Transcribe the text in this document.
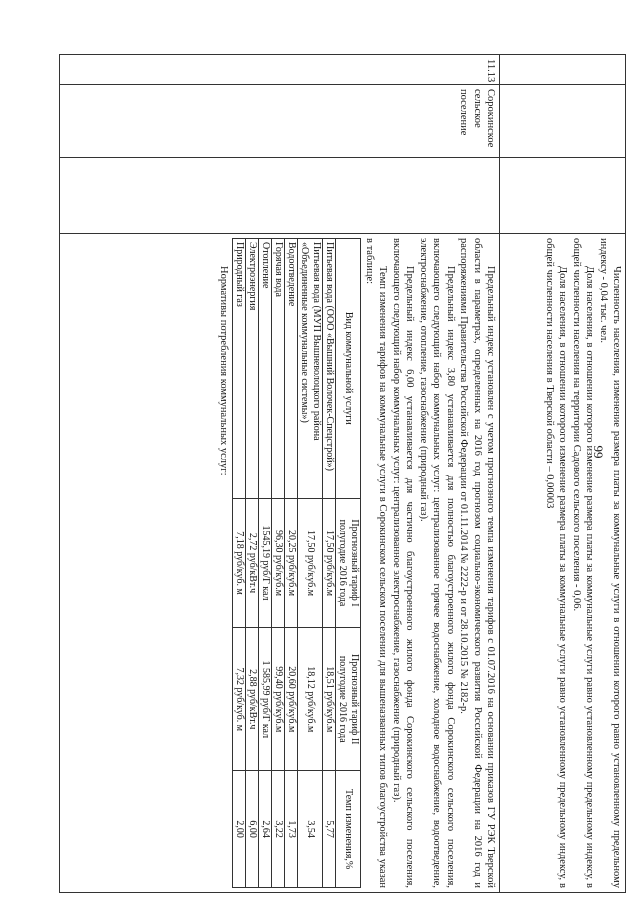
99
			Численность населения, изменение размера платы за коммунальные услуги в отношении которого равно установленному предельному индексу - 0,04 тыс. чел.

Доля населения, в отношении которого изменение размера платы за коммунальные услуги равно установленному предельному индексу, в общей численности населения на территории Садового сельского поселения - 0,06.

Доля населения, в отношении которого изменение размера платы за коммунальные услуги равно установленному предельному индексу, в общей численности населения в Тверской области – 0,00003

11.13	Сорокинское сельское поселение		

Предельный индекс установлен с учетом прогнозного темпа изменения тарифов с 01.07.2016 на основании приказов ГУ РЭК Тверской области в параметрах, определенных на 2016 год прогнозом социально-экономического развития Российской Федерации на 2016 год и распоряжениями Правительства Российской Федерации от 01.11.2014 № 2222-р и от 28.10.2015 № 2182-р.

Предельный индекс 3,80 устанавливается для полностью благоустроенного жилого фонда Сорокинского сельского поселения, включающего следующий набор коммунальных услуг: централизованное горячее водоснабжение, холодное водоснабжение, водоотведение, электроснабжение, отопление, газоснабжение (природный газ).

Предельный индекс 6,00 устанавливается для частично благоустроенного жилого фонда Сорокинского сельского поселения, включающего следующий набор коммунальных услуг: централизованное электроснабжение, газоснабжение (природный газ).

Темп изменения тарифов на коммунальные услуги в Сорокинском сельском поселении для вышеназванных типов благоустройства указан в таблице:

Вид коммунальной услуги	Прогнозный тариф I полугодие 2016 года	Прогнозный тариф II полугодие 2016 года	Темп изменения,%
Питьевая вода (ООО «Вышний Волочек-Спецстрой»)	17,50 руб/куб.м	18,51 руб/куб.м	5,77
Питьевая вода (МУП Вышневолоцкого района «Объединенные коммунальные системы»)	17,50 руб/куб.м	18,12 руб/куб.м	3,54
Водоотведение	20,25 руб/куб.м	20,60 руб/куб.м	1,73
Горячая вода	96,30 руб/куб.м	99,40 руб/куб.м	3,22
Отопление	1545,19 руб/Г кал	1 585,99 руб/Г кал	2,64
Электроэнергия	2,72 руб/кВт.ч	2,88 руб/кВт.ч	6,00
Природный газ	7,18 руб/куб. м	7,32 руб/куб. м	2,00

Нормативы потребления коммунальных услуг:
